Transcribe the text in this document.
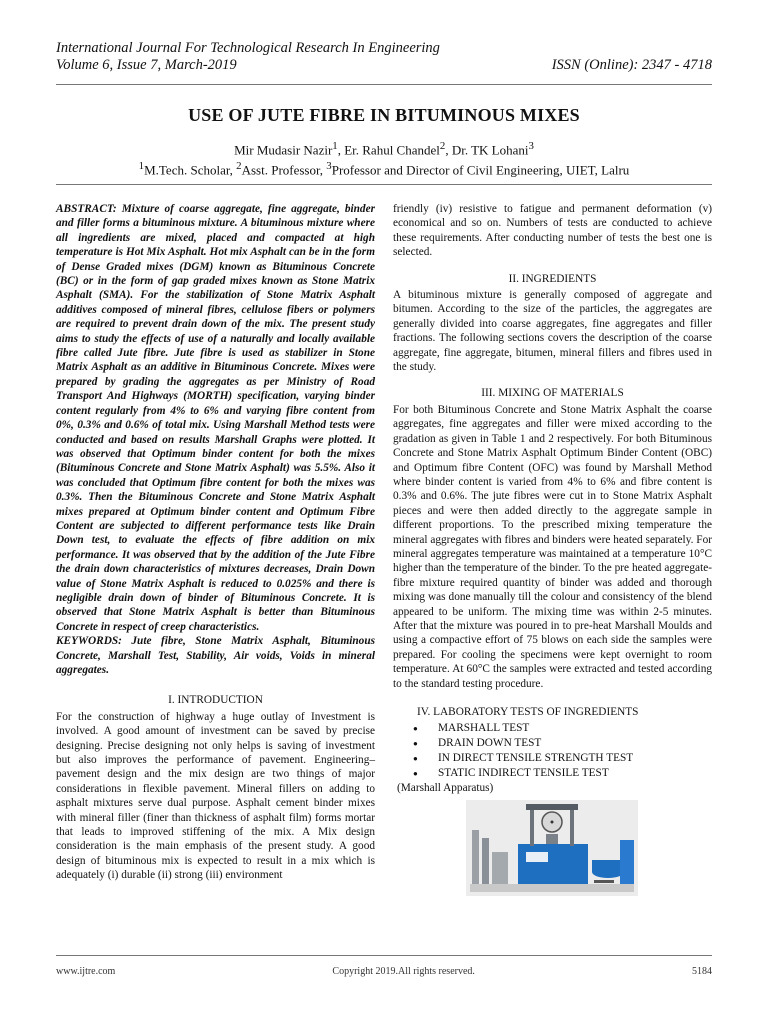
International Journal For Technological Research In Engineering
Volume 6, Issue 7, March-2019	ISSN (Online): 2347 - 4718
USE OF JUTE FIBRE IN BITUMINOUS MIXES
Mir Mudasir Nazir$^1$, Er. Rahul Chandel$^2$, Dr. TK Lohani$^3$
$^1$M.Tech. Scholar, $^2$Asst. Professor, $^3$Professor and Director of Civil Engineering, UIET, Lalru

ABSTRACT: Mixture of coarse aggregate, fine aggregate, binder and filler forms a bituminous mixture. A bituminous mixture where all ingredients are mixed, placed and compacted at high temperature is Hot Mix Asphalt. Hot mix Asphalt can be in the form of Dense Graded mixes (DGM) known as Bituminous Concrete (BC) or in the form of gap graded mixes known as Stone Matrix Asphalt (SMA). For the stabilization of Stone Matrix Asphalt additives composed of mineral fibres, cellulose fibers or polymers are required to prevent drain down of the mix. The present study aims to study the effects of use of a naturally and locally available fibre called Jute fibre. Jute fibre is used as stabilizer in Stone Matrix Asphalt as an additive in Bituminous Concrete. Mixes were prepared by grading the aggregates as per Ministry of Road Transport And Highways (MORTH) specification, varying binder content regularly from 4% to 6% and varying fibre content from 0%, 0.3% and 0.6% of total mix. Using Marshall Method tests were conducted and based on results Marshall Graphs were plotted. It was observed that Optimum binder content for both the mixes (Bituminous Concrete and Stone Matrix Asphalt) was 5.5%. Also it was concluded that Optimum fibre content for both the mixes was 0.3%. Then the Bituminous Concrete and Stone Matrix Asphalt mixes prepared at Optimum binder content and Optimum Fibre Content are subjected to different performance tests like Drain Down test, to evaluate the effects of fibre addition on mix performance. It was observed that by the addition of the Jute Fibre the drain down characteristics of mixtures decreases, Drain Down value of Stone Matrix Asphalt is reduced to 0.025% and there is negligible drain down of binder of Bituminous Concrete. It is observed that Stone Matrix Asphalt is better than Bituminous Concrete in respect of creep characteristics.

KEYWORDS: Jute fibre, Stone Matrix Asphalt, Bituminous Concrete, Marshall Test, Stability, Air voids, Voids in mineral aggregates.

I. INTRODUCTION

For the construction of highway a huge outlay of Investment is involved. A good amount of investment can be saved by precise designing. Precise designing not only helps is saving of investment but also improves the performance of pavement. Engineering–pavement design and the mix design are two things of major considerations in flexible pavement. Mineral fillers on adding to asphalt mixtures serve dual purpose. Asphalt cement binder mixes with mineral filler (finer than thickness of asphalt film) forms mortar that leads to improved stiffening of the mix. A Mix design consideration is the main emphasis of the present study. A good design of bituminous mix is expected to result in a mix which is adequately (i) durable (ii) strong (iii) environment

friendly (iv) resistive to fatigue and permanent deformation (v) economical and so on. Numbers of tests are conducted to achieve these requirements. After conducting number of tests the best one is selected.

II. INGREDIENTS

A bituminous mixture is generally composed of aggregate and bitumen. According to the size of the particles, the aggregates are generally divided into coarse aggregates, fine aggregates and filler fractions. The following sections covers the description of the coarse aggregate, fine aggregate, bitumen, mineral fillers and fibres used in the study.

III. MIXING OF MATERIALS

For both Bituminous Concrete and Stone Matrix Asphalt the coarse aggregates, fine aggregates and filler were mixed according to the gradation as given in Table 1 and 2 respectively. For both Bituminous Concrete and Stone Matrix Asphalt Optimum Binder Content (OBC) and Optimum fibre Content (OFC) was found by Marshall Method where binder content is varied from 4% to 6% and fibre content is 0.3% and 0.6%. The jute fibres were cut in to Stone Matrix Asphalt pieces and were then added directly to the aggregate sample in different proportions. To the prescribed mixing temperature the mineral aggregates with fibres and binders were heated separately. For mineral aggregates temperature was maintained at a temperature 10°C higher than the temperature of the binder. To the pre heated aggregate-fibre mixture required quantity of binder was added and thorough mixing was done manually till the colour and consistency of the blend appeared to be uniform. The mixing time was within 2-5 minutes. After that the mixture was poured in to pre-heat Marshall Moulds and using a compactive effort of 75 blows on each side the samples were prepared. For cooling the specimens were kept overnight to room temperature. At 60°C the samples were extracted and tested according to the standard testing procedure.

IV. LABORATORY TESTS OF INGREDIENTS
● MARSHALL TEST
● DRAIN DOWN TEST
● IN DIRECT TENSILE STRENGTH TEST
● STATIC INDIRECT TENSILE TEST

(Marshall Apparatus)

www.ijtre.com	Copyright 2019.All rights reserved.	5184
